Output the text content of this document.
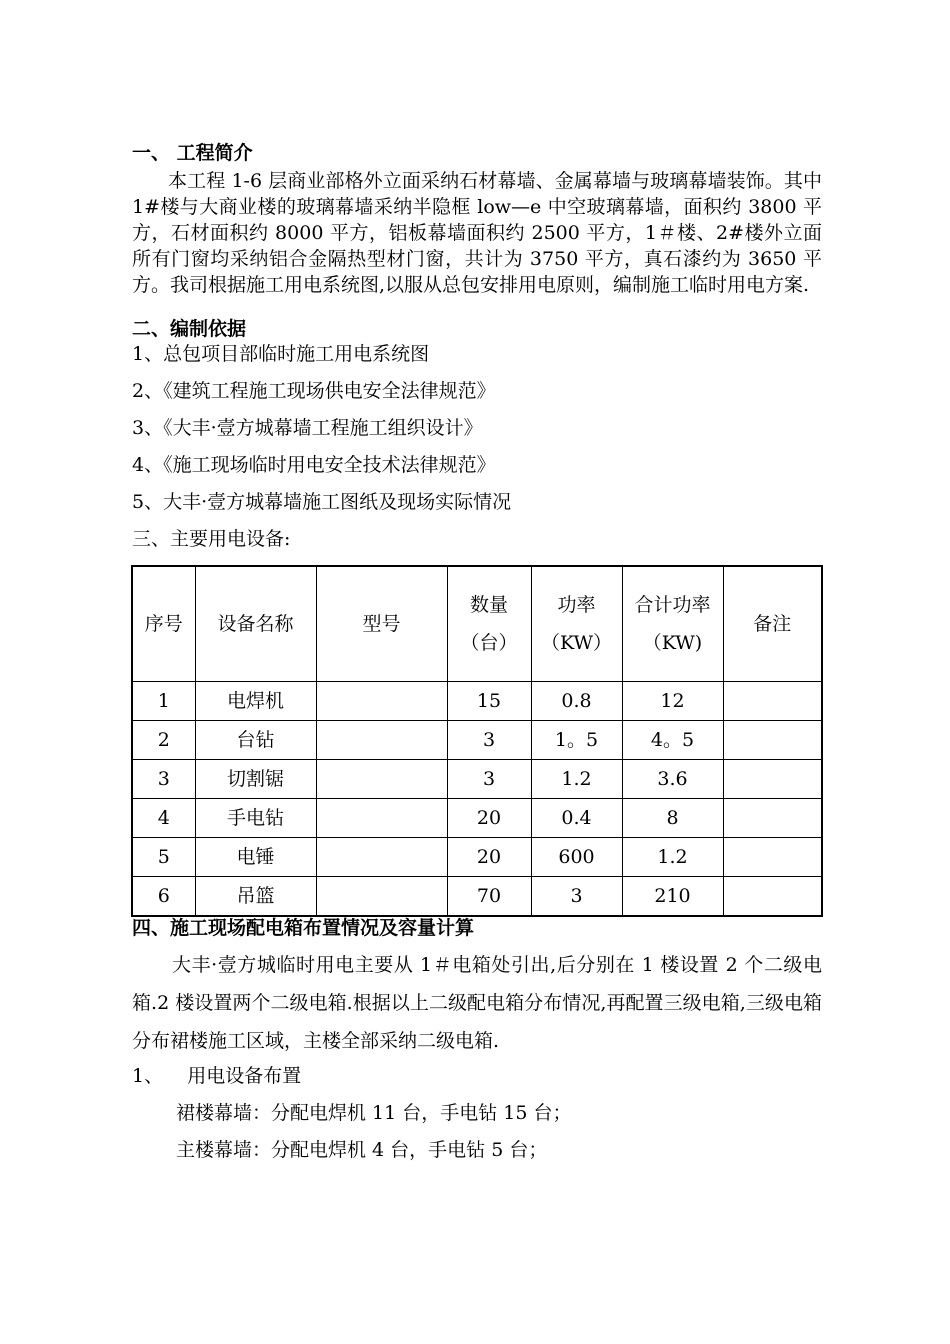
一、 工程简介
本工程 1-6 层商业部格外立面采纳石材幕墙、金属幕墙与玻璃幕墙装饰。其中 1#楼与大商业楼的玻璃幕墙采纳半隐框 low—e 中空玻璃幕墙，面积约 3800 平方，石材面积约 8000 平方，铝板幕墙面积约 2500 平方，1＃楼、2#楼外立面所有门窗均采纳铝合金隔热型材门窗，共计为 3750 平方，真石漆约为 3650 平方。我司根据施工用电系统图,以服从总包安排用电原则，编制施工临时用电方案.
二、编制依据
1、总包项目部临时施工用电系统图
2、《建筑工程施工现场供电安全法律规范》
3、《大丰·壹方城幕墙工程施工组织设计》
4、《施工现场临时用电安全技术法律规范》
5、大丰·壹方城幕墙施工图纸及现场实际情况
三、主要用电设备:
序号	设备名称	型号	数量（台）	功率（KW）	合计功率（KW)	备注
1	电焊机		15	0.8	12	
2	台钻		3	1。5	4。5	
3	切割锯		3	1.2	3.6	
4	手电钻		20	0.4	8	
5	电锤		20	600	1.2	
6	吊篮		70	3	210	
四、施工现场配电箱布置情况及容量计算
大丰·壹方城临时用电主要从 1＃电箱处引出,后分别在 1 楼设置 2 个二级电箱.2 楼设置两个二级电箱.根据以上二级配电箱分布情况,再配置三级电箱,三级电箱分布裙楼施工区域，主楼全部采纳二级电箱.
1、    用电设备布置
裙楼幕墙：分配电焊机 11 台，手电钻 15 台；
主楼幕墙：分配电焊机 4 台，手电钻 5 台；
